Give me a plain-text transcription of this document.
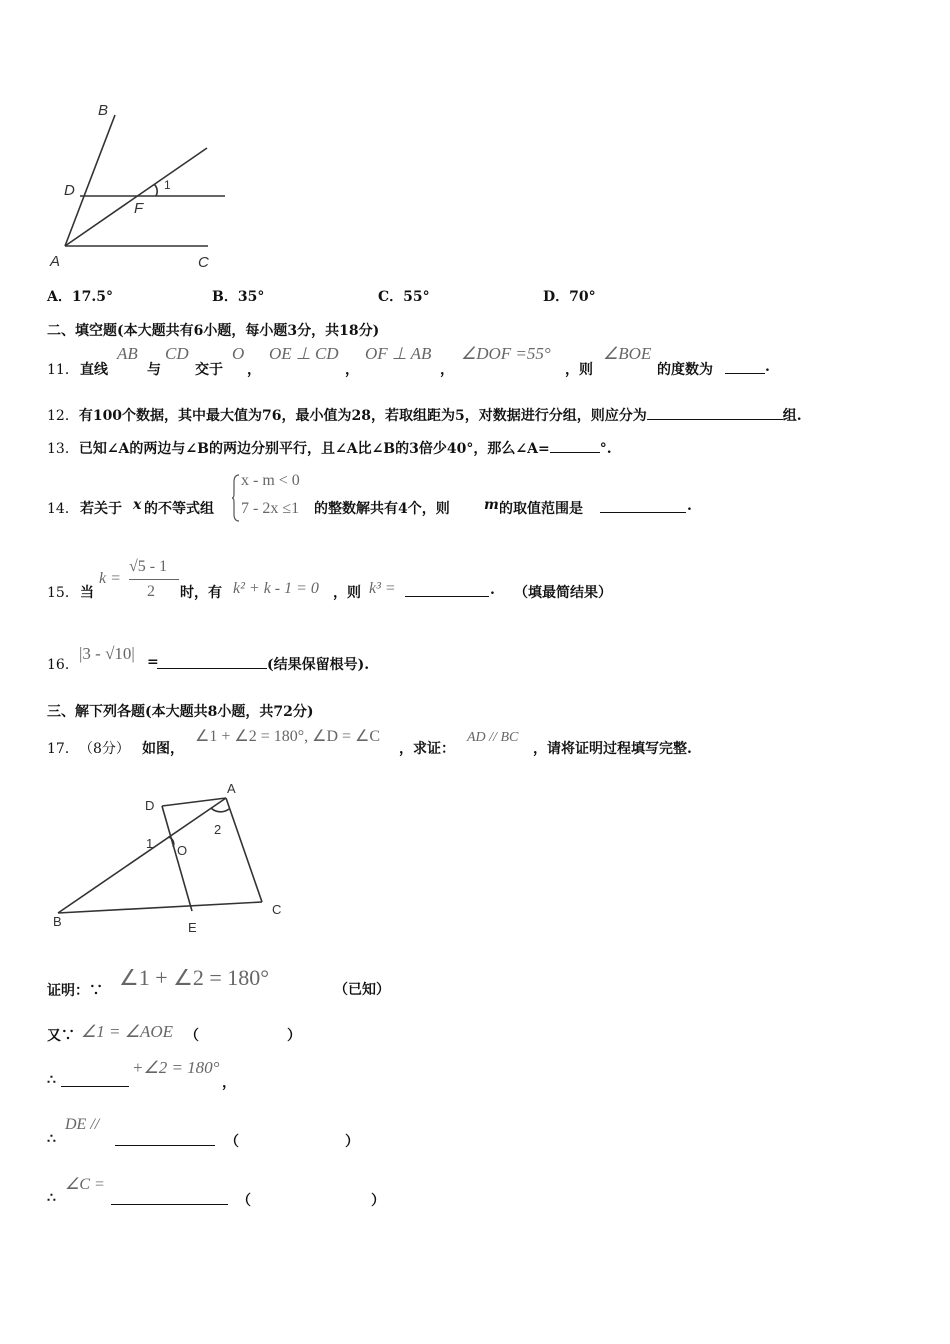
B
D
F
1
A	C
A．17.5°	B．35°	C．55°	D．70°
二、填空题(本大题共有6小题，每小题3分，共18分)
11． 直线
AB
与
CD
交于
O
，
OE ⊥ CD
，
OF ⊥ AB
，
∠DOF =55°
，则
∠BOE
的度数为	.
12．有100个数据，其中最大值为76，最小值为28，若取组距为5，对数据进行分组，则应分为	组.
13．已知∠A的两边与∠B的两边分别平行，且∠A比∠B的3倍少40°，那么∠A=	°.
14． 若关于 x 的不等式组
x - m < 0
7 - 2x ≤1 的整数解共有4个，则 m 的取值范围是	.
15． 当
k =
√5 - 1
2 时，有 k² + k - 1 = 0 ，则 k³ =	. （填最简结果）
16．
|3 - √10| =	(结果保留根号).
三、解下列各题(本大题共8小题，共72分)
17． （8分） 如图，
∠1 + ∠2 = 180°, ∠D = ∠C
，求证：
AD // BC
，请将证明过程填写完整.
D
A
1 O
2
B	E
C
证明：∵
∠1 + ∠2 = 180°	（已知）
又∵ ∠1 = ∠AOE （	）
∴
+∠2 = 180°
，
∴
DE //
（	）
∴
∠C =
（	）
